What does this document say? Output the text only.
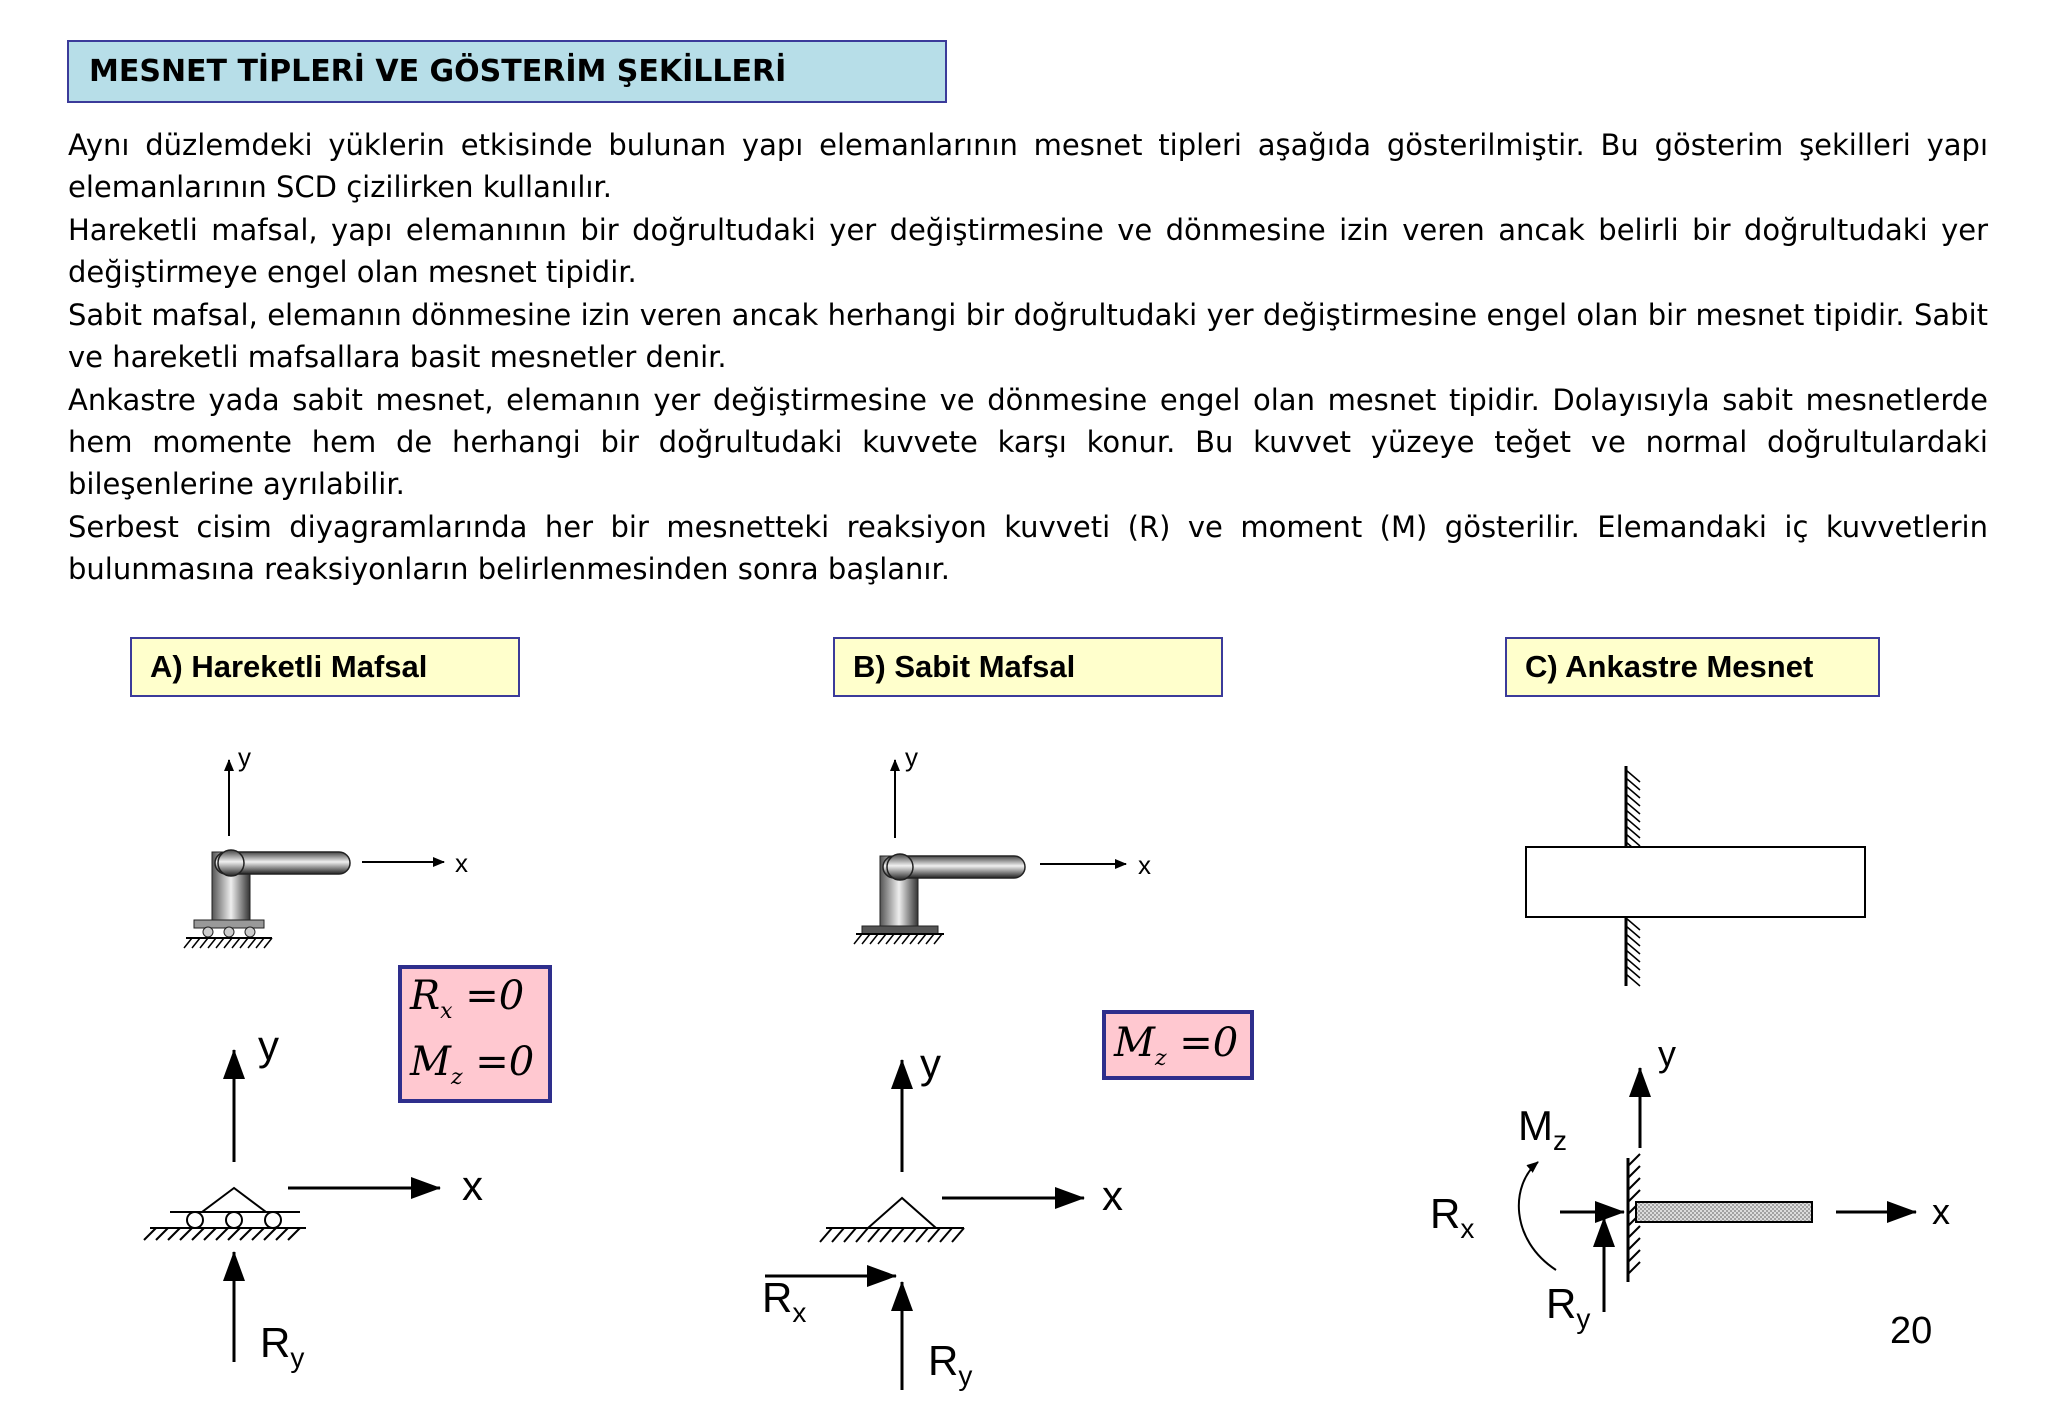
MESNET TİPLERİ VE GÖSTERİM ŞEKİLLERİ

Aynı düzlemdeki yüklerin etkisinde bulunan yapı elemanlarının mesnet tipleri aşağıda gösterilmiştir. Bu gösterim şekilleri yapı elemanlarının SCD çizilirken kullanılır.

Hareketli mafsal, yapı elemanının bir doğrultudaki yer değiştirmesine ve dönmesine izin veren ancak belirli bir doğrultudaki yer değiştirmeye engel olan mesnet tipidir.

Sabit mafsal, elemanın dönmesine izin veren ancak herhangi bir doğrultudaki yer değiştirmesine engel olan bir mesnet tipidir. Sabit ve hareketli mafsallara basit mesnetler denir.

Ankastre yada sabit mesnet, elemanın yer değiştirmesine ve dönmesine engel olan mesnet tipidir. Dolayısıyla sabit mesnetlerde hem momente hem de herhangi bir doğrultudaki kuvvete karşı konur. Bu kuvvet yüzeye teğet ve normal doğrultulardaki bileşenlerine ayrılabilir.

Serbest cisim diyagramlarında her bir mesnetteki reaksiyon kuvveti (R) ve moment (M) gösterilir. Elemandaki iç kuvvetlerin bulunmasına reaksiyonların belirlenmesinden sonra başlanır.

A) Hareketli Mafsal	B) Sabit Mafsal	C) Ankastre Mesnet
$R_x =0$
$M_z =0$	$M_z =0$
y
x
y
x
$R_y$
y
x
y
x
$R_x$
$R_y$
y
x
$R_x$
$R_y$
$M_z$
20
